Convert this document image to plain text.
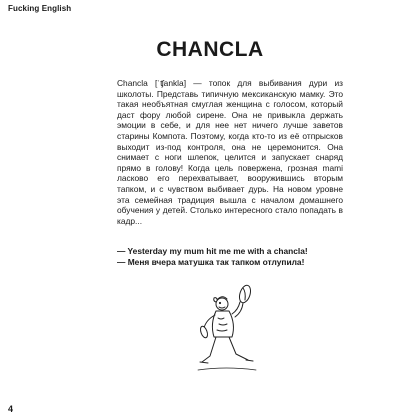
Fucking English
CHANCLA

Chancla [ˈʧankla] — топок для выбивания дури из школоты. Представь типичную мексиканскую мамку. Это такая необъятная смуглая женщина с голосом, который даст фору любой сирене. Она не привыкла держать эмоции в себе, и для нее нет ничего лучше заветов старины Компота. Поэтому, когда кто-то из её отпрысков выходит из-под контроля, она не церемонится. Она снимает с ноги шлепок, целится и запускает снаряд прямо в голову! Когда цель повержена, грозная mami ласково его перехватывает, вооружившись вторым тапком, и с чувством выбивает дурь. На новом уровне эта семейная традиция вышла с началом домашнего обучения у детей. Столько интересного стало попадать в кадр...

— Yesterday my mum hit me me with a chancla!
— Меня вчера матушка так тапком отлупила!
4
